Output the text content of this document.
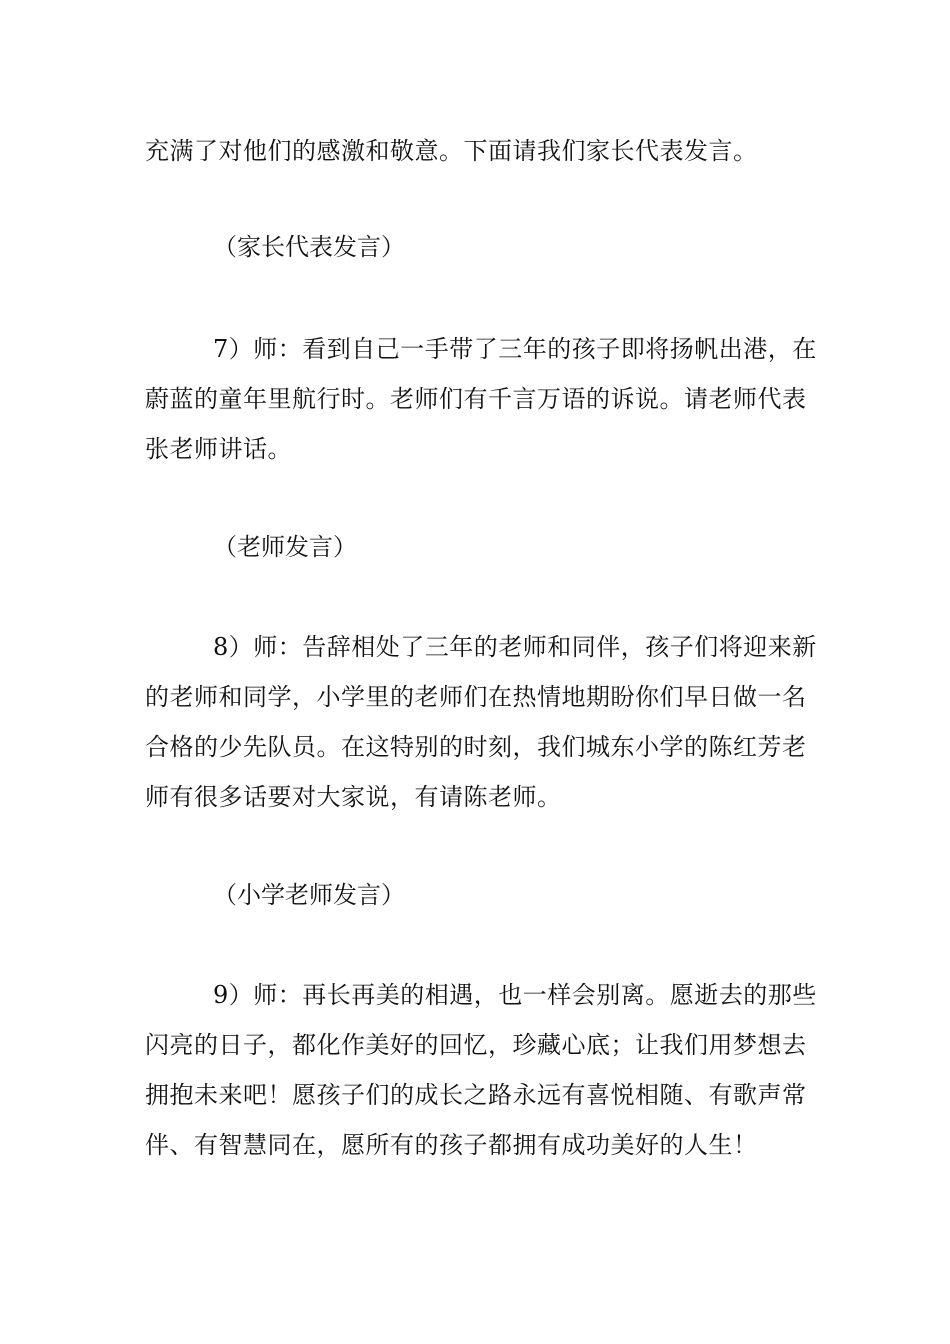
充满了对他们的感激和敬意。下面请我们家长代表发言。

（家长代表发言）

7）师：看到自己一手带了三年的孩子即将扬帆出港，在蔚蓝的童年里航行时。老师们有千言万语的诉说。请老师代表张老师讲话。

（老师发言）

8）师：告辞相处了三年的老师和同伴，孩子们将迎来新的老师和同学，小学里的老师们在热情地期盼你们早日做一名合格的少先队员。在这特别的时刻，我们城东小学的陈红芳老师有很多话要对大家说，有请陈老师。

（小学老师发言）

9）师：再长再美的相遇，也一样会别离。愿逝去的那些闪亮的日子，都化作美好的回忆，珍藏心底；让我们用梦想去拥抱未来吧！愿孩子们的成长之路永远有喜悦相随、有歌声常伴、有智慧同在，愿所有的孩子都拥有成功美好的人生！
